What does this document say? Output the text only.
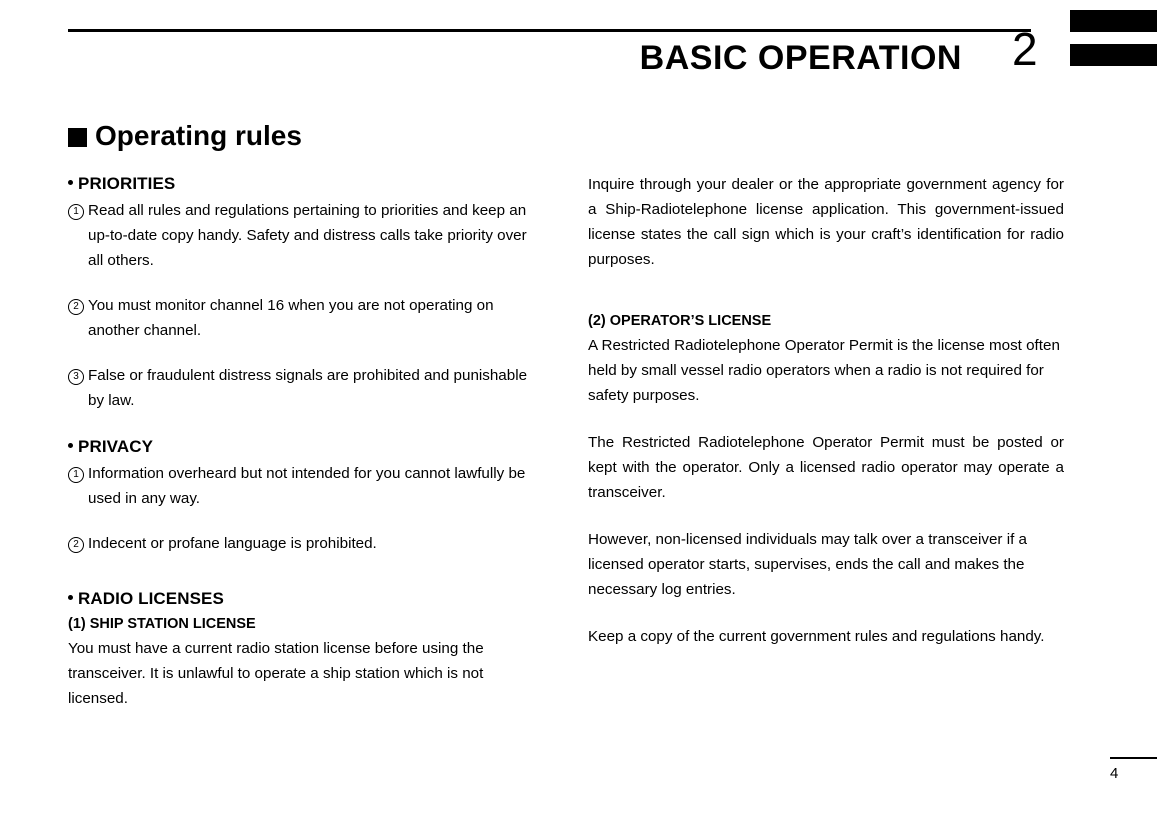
BASIC OPERATION 2
Operating rules
PRIORITIES
1 Read all rules and regulations pertaining to priorities and keep an up-to-date copy handy. Safety and distress calls take priority over all others.
2 You must monitor channel 16 when you are not operating on another channel.
3 False or fraudulent distress signals are prohibited and punishable by law.
PRIVACY
1 Information overheard but not intended for you cannot lawfully be used in any way.
2 Indecent or profane language is prohibited.
RADIO LICENSES
(1) SHIP STATION LICENSE

You must have a current radio station license before using the transceiver. It is unlawful to operate a ship station which is not licensed.

Inquire through your dealer or the appropriate government agency for a Ship-Radiotelephone license application. This government-issued license states the call sign which is your craft’s identification for radio purposes.

(2) OPERATOR’S LICENSE

A Restricted Radiotelephone Operator Permit is the license most often held by small vessel radio operators when a radio is not required for safety purposes.

The Restricted Radiotelephone Operator Permit must be posted or kept with the operator. Only a licensed radio operator may operate a transceiver.

However, non-licensed individuals may talk over a transceiver if a licensed operator starts, supervises, ends the call and makes the necessary log entries.

Keep a copy of the current government rules and regulations handy.

4
